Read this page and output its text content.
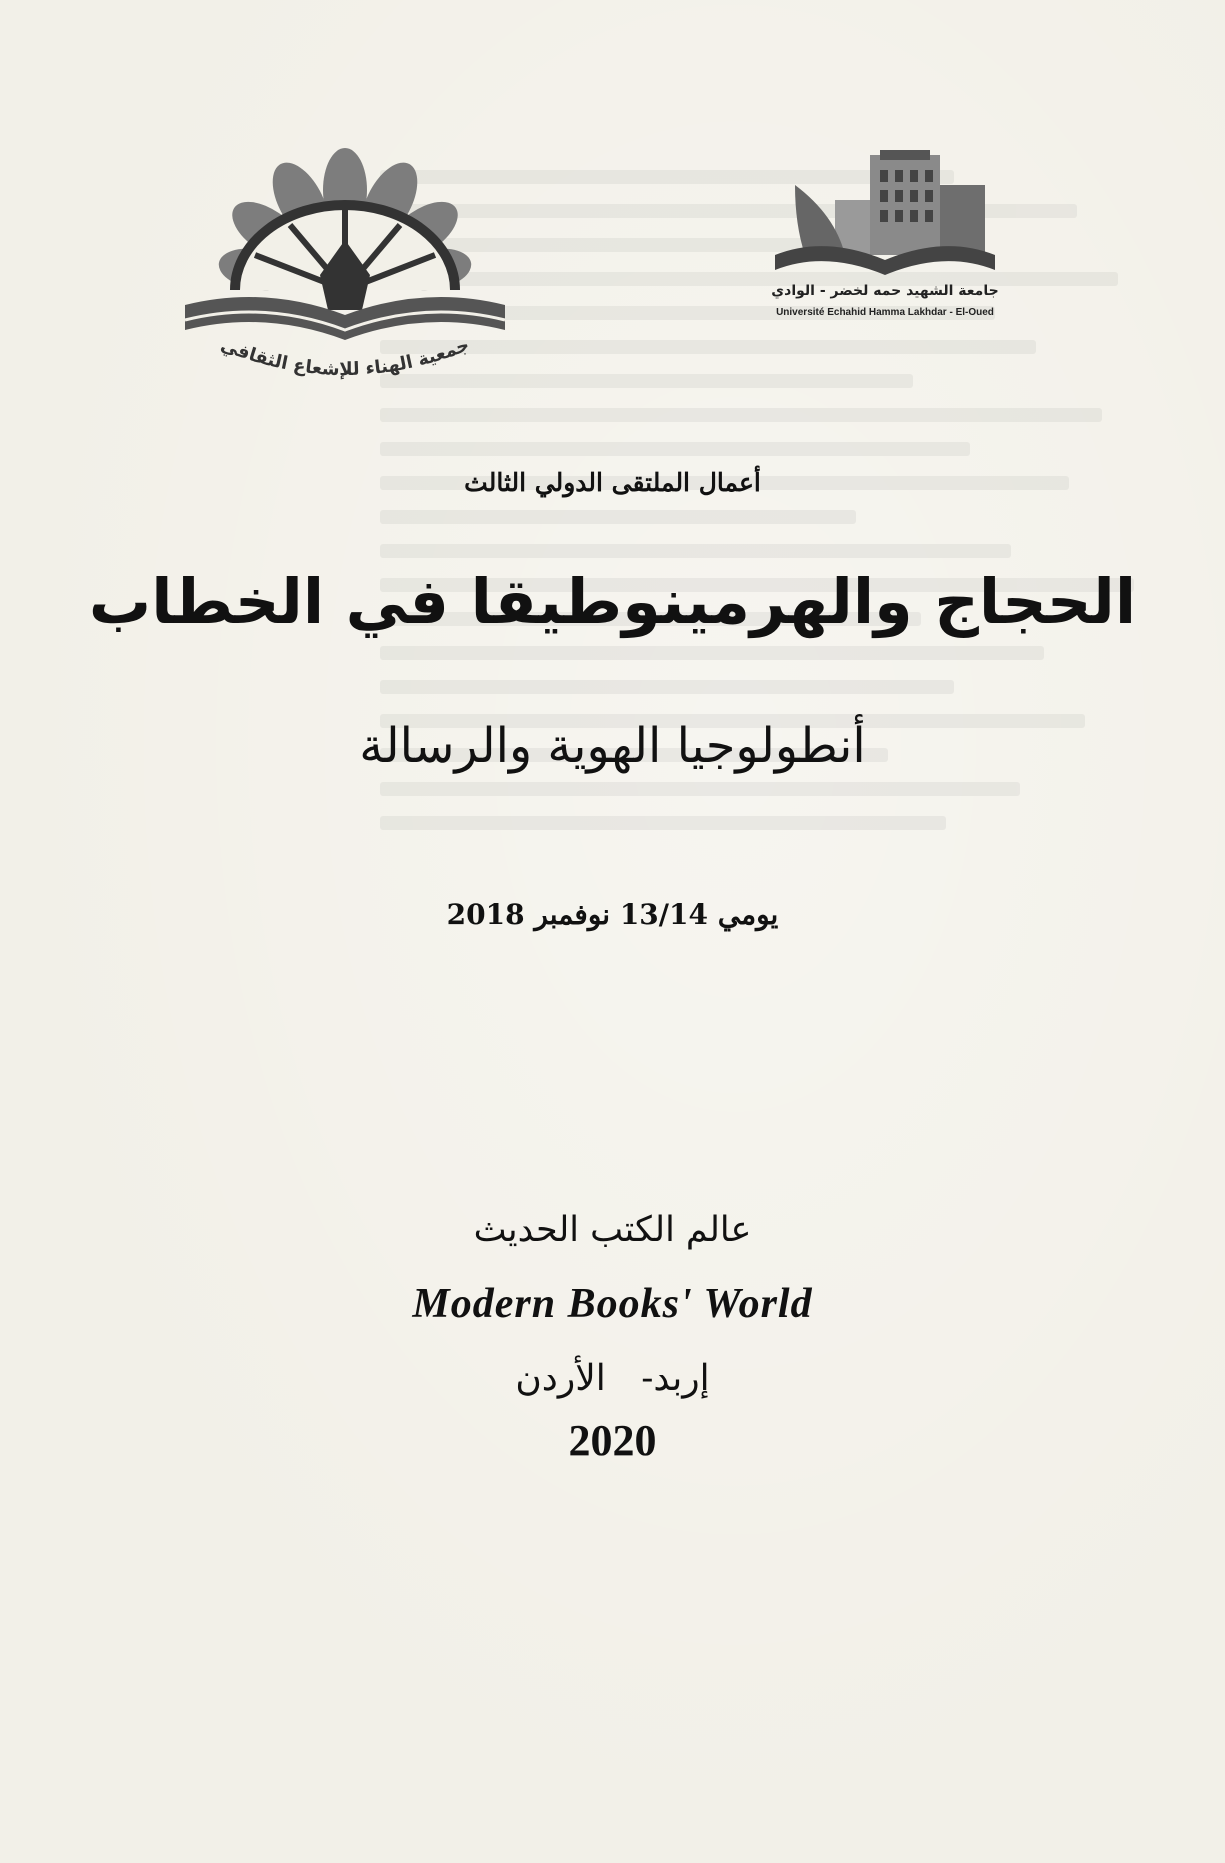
جمعية الهناء للإشعاع الثقافي
جامعة الشهيد حمه لخضر - الوادي
Université Echahid Hamma Lakhdar - El-Oued
أعمال الملتقى الدولي الثالث
الحجاج والهرمينوطيقا في الخطاب
أنطولوجيا الهوية والرسالة
يومي 13/14 نوفمبر 2018
عالم الكتب الحديث
Modern Books' World
إربد- الأردن
2020
